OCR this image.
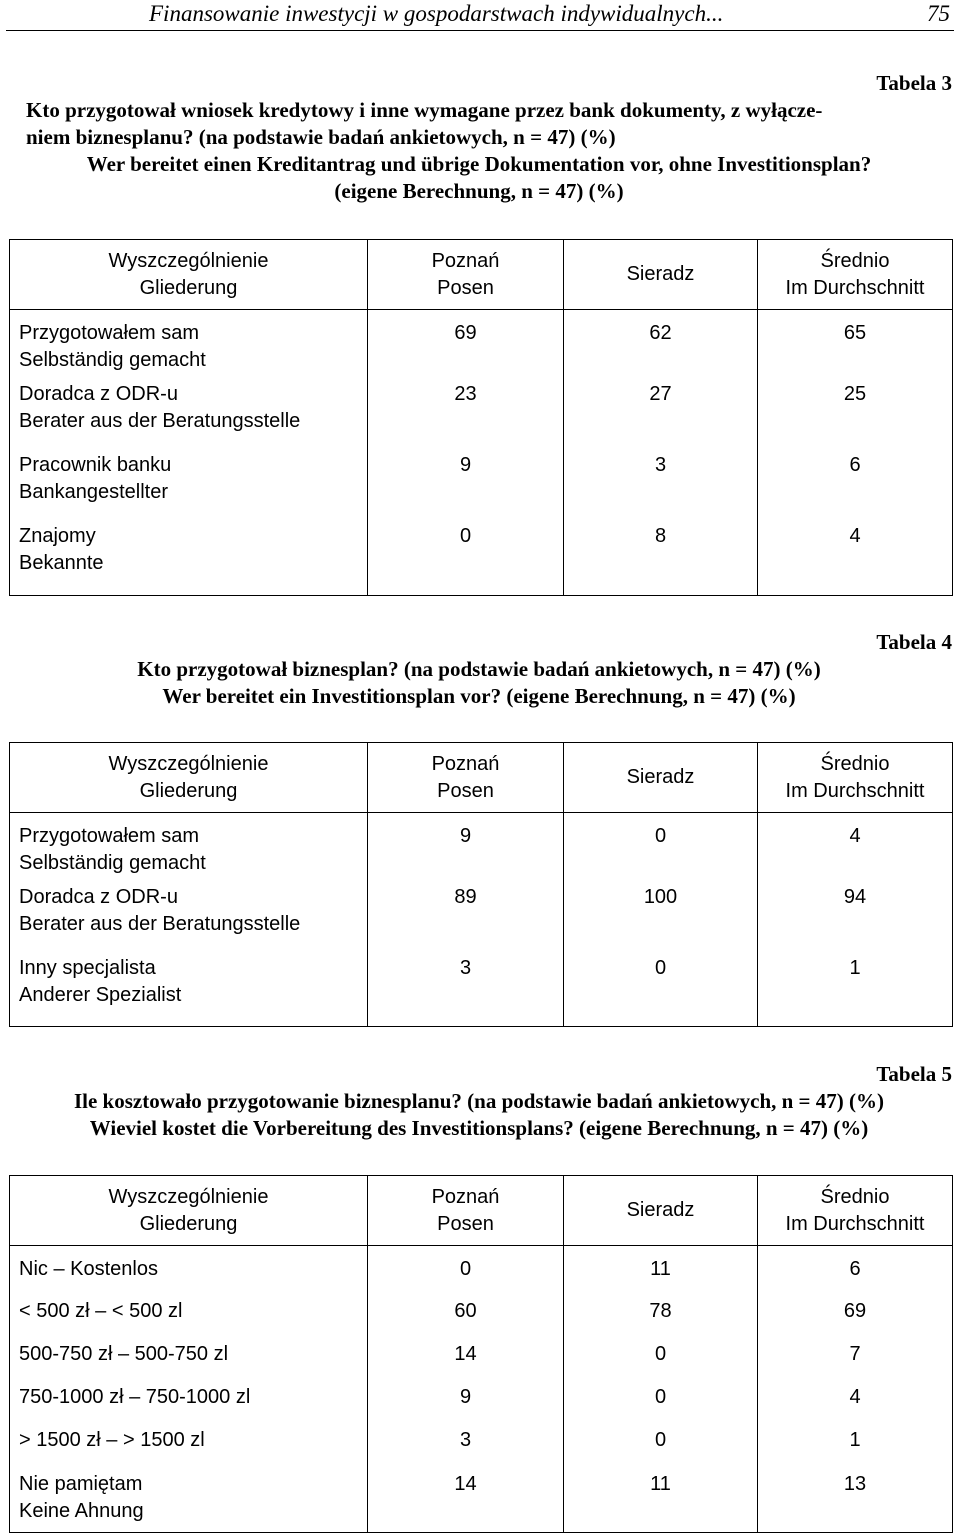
Finansowanie inwestycji w gospodarstwach indywidualnych...	75
Tabela 3
Kto przygotował wniosek kredytowy i inne wymagane przez bank dokumenty, z wyłącze-
niem biznesplanu? (na podstawie badań ankietowych, n = 47) (%)
Wer bereitet einen Kreditantrag und übrige Dokumentation vor, ohne Investitionsplan?
(eigene Berechnung, n = 47) (%)
Wyszczególnienie
Gliederung	Poznań
Posen	Sieradz	Średnio
Im Durchschnitt

Przygotowałem sam
Selbständig gemacht	69	62	65

Doradca z ODR-u
Berater aus der Beratungsstelle	23	27	25

Pracownik banku
Bankangestellter	9	3	6

Znajomy
Bekannte	0	8	4
Tabela 4
Kto przygotował biznesplan? (na podstawie badań ankietowych, n = 47) (%)
Wer bereitet ein Investitionsplan vor? (eigene Berechnung, n = 47) (%)
Wyszczególnienie
Gliederung	Poznań
Posen	Sieradz	Średnio
Im Durchschnitt

Przygotowałem sam
Selbständig gemacht	9	0	4

Doradca z ODR-u
Berater aus der Beratungsstelle	89	100	94

Inny specjalista
Anderer Spezialist	3	0	1
Tabela 5
Ile kosztowało przygotowanie biznesplanu? (na podstawie badań ankietowych, n = 47) (%)
Wieviel kostet die Vorbereitung des Investitionsplans? (eigene Berechnung, n = 47) (%)
Wyszczególnienie
Gliederung	Poznań
Posen	Sieradz	Średnio
Im Durchschnitt

Nic – Kostenlos	0	11	6
< 500 zł – < 500 zl	60	78	69
500-750 zł – 500-750 zl	14	0	7
750-1000 zł – 750-1000 zl	9	0	4
> 1500 zł – > 1500 zl	3	0	1

Nie pamiętam
Keine Ahnung	14	11	13
